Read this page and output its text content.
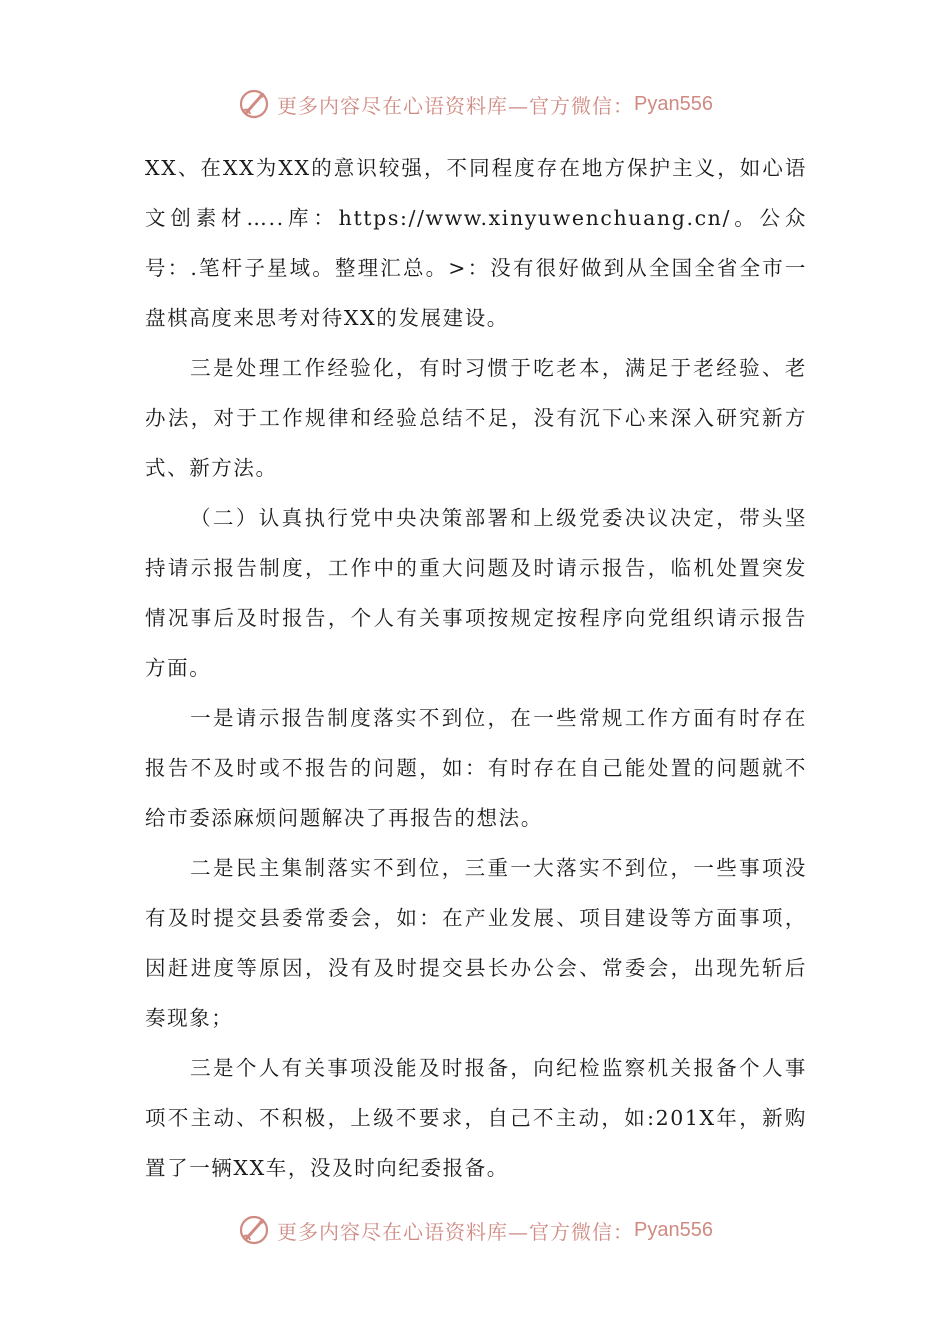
更多内容尽在心语资料库—官方微信： Pyan556

XX、在XX为XX的意识较强，不同程度存在地方保护主义，如心语文创素材…..库：https://www.xinyuwenchuang.cn/。公众号：.笔杆子星域。整理汇总。>：没有很好做到从全国全省全市一盘棋高度来思考对待XX的发展建设。

三是处理工作经验化，有时习惯于吃老本，满足于老经验、老办法，对于工作规律和经验总结不足，没有沉下心来深入研究新方式、新方法。

（二）认真执行党中央决策部署和上级党委决议决定，带头坚持请示报告制度，工作中的重大问题及时请示报告，临机处置突发情况事后及时报告，个人有关事项按规定按程序向党组织请示报告方面。

一是请示报告制度落实不到位，在一些常规工作方面有时存在报告不及时或不报告的问题，如：有时存在自己能处置的问题就不给市委添麻烦问题解决了再报告的想法。

二是民主集制落实不到位，三重一大落实不到位，一些事项没有及时提交县委常委会，如：在产业发展、项目建设等方面事项，因赶进度等原因，没有及时提交县长办公会、常委会，出现先斩后奏现象；

三是个人有关事项没能及时报备，向纪检监察机关报备个人事项不主动、不积极，上级不要求，自己不主动，如:201X年，新购置了一辆XX车，没及时向纪委报备。

更多内容尽在心语资料库—官方微信： Pyan556
